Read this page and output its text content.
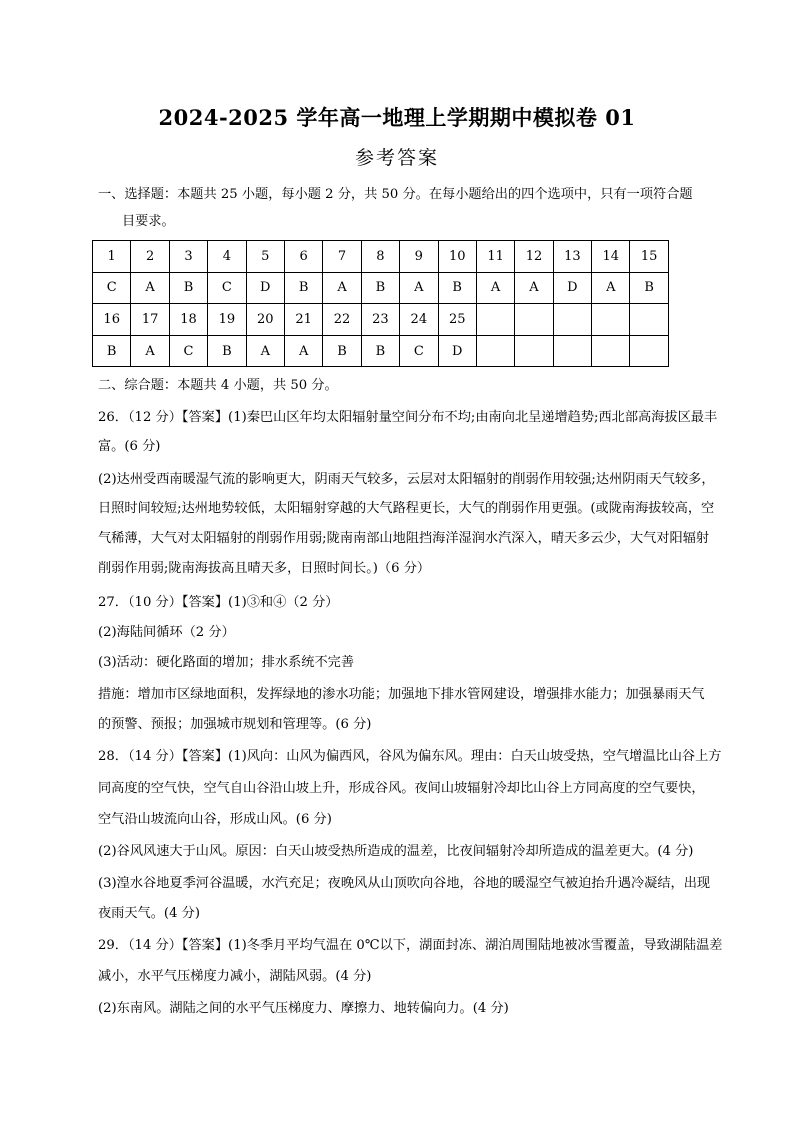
2024-2025 学年高一地理上学期期中模拟卷 01
参考答案

一、选择题：本题共 25 小题，每小题 2 分，共 50 分。在每小题给出的四个选项中，只有一项符合题

目要求。

1	2	3	4	5	6	7	8	9	10	11	12	13	14	15
C	A	B	C	D	B	A	B	A	B	A	A	D	A	B
16	17	18	19	20	21	22	23	24	25					
B	A	C	B	A	A	B	B	C	D					

二、综合题：本题共 4 小题，共 50 分。

26．（12 分）【答案】(1)秦巴山区年均太阳辐射量空间分布不均;由南向北呈递增趋势;西北部高海拔区最丰

富。(6 分)

(2)达州受西南暖湿气流的影响更大，阴雨天气较多，云层对太阳辐射的削弱作用较强;达州阴雨天气较多，

日照时间较短;达州地势较低，太阳辐射穿越的大气路程更长，大气的削弱作用更强。(或陇南海拔较高，空

气稀薄，大气对太阳辐射的削弱作用弱;陇南南部山地阻挡海洋湿润水汽深入，晴天多云少，大气对阳辐射

削弱作用弱;陇南海拔高且晴天多，日照时间长。)（6 分）

27．（10 分）【答案】(1)③和④（2 分）

(2)海陆间循环（2 分）

(3)活动：硬化路面的增加；排水系统不完善

措施：增加市区绿地面积，发挥绿地的渗水功能；加强地下排水管网建设，增强排水能力；加强暴雨天气

的预警、预报；加强城市规划和管理等。(6 分)

28．（14 分）【答案】(1)风向：山风为偏西风，谷风为偏东风。理由：白天山坡受热，空气增温比山谷上方

同高度的空气快，空气自山谷沿山坡上升，形成谷风。夜间山坡辐射冷却比山谷上方同高度的空气要快，

空气沿山坡流向山谷，形成山风。(6 分)

(2)谷风风速大于山风。原因：白天山坡受热所造成的温差，比夜间辐射冷却所造成的温差更大。(4 分)

(3)湟水谷地夏季河谷温暖，水汽充足；夜晚风从山顶吹向谷地，谷地的暖湿空气被迫抬升遇冷凝结，出现

夜雨天气。(4 分)

29．（14 分）【答案】(1)冬季月平均气温在 0℃以下，湖面封冻、湖泊周围陆地被冰雪覆盖，导致湖陆温差

减小，水平气压梯度力减小，湖陆风弱。(4 分)

(2)东南风。湖陆之间的水平气压梯度力、摩擦力、地转偏向力。(4 分)
